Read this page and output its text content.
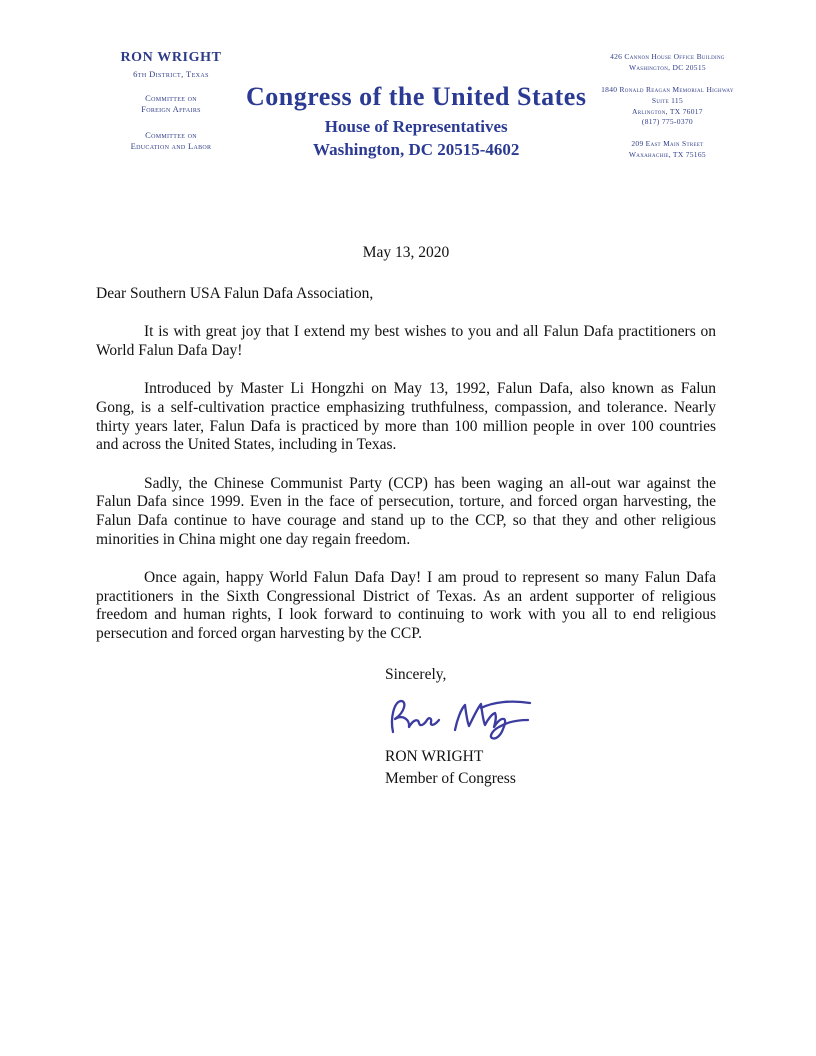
RON WRIGHT
6th District, Texas
Committee on
Foreign Affairs
Committee on
Education and Labor
Congress of the United States
House of Representatives
Washington, DC 20515-4602
426 Cannon House Office Building
Washington, DC 20515
1840 Ronald Reagan Memorial Highway
Suite 115
Arlington, TX 76017
(817) 775-0370
209 East Main Street
Waxahachie, TX 75165
May 13, 2020
Dear Southern USA Falun Dafa Association,

It is with great joy that I extend my best wishes to you and all Falun Dafa practitioners on World Falun Dafa Day!

Introduced by Master Li Hongzhi on May 13, 1992, Falun Dafa, also known as Falun Gong, is a self-cultivation practice emphasizing truthfulness, compassion, and tolerance. Nearly thirty years later, Falun Dafa is practiced by more than 100 million people in over 100 countries and across the United States, including in Texas.

Sadly, the Chinese Communist Party (CCP) has been waging an all-out war against the Falun Dafa since 1999. Even in the face of persecution, torture, and forced organ harvesting, the Falun Dafa continue to have courage and stand up to the CCP, so that they and other religious minorities in China might one day regain freedom.

Once again, happy World Falun Dafa Day! I am proud to represent so many Falun Dafa practitioners in the Sixth Congressional District of Texas. As an ardent supporter of religious freedom and human rights, I look forward to continuing to work with you all to end religious persecution and forced organ harvesting by the CCP.

Sincerely,
RON WRIGHT
Member of Congress
